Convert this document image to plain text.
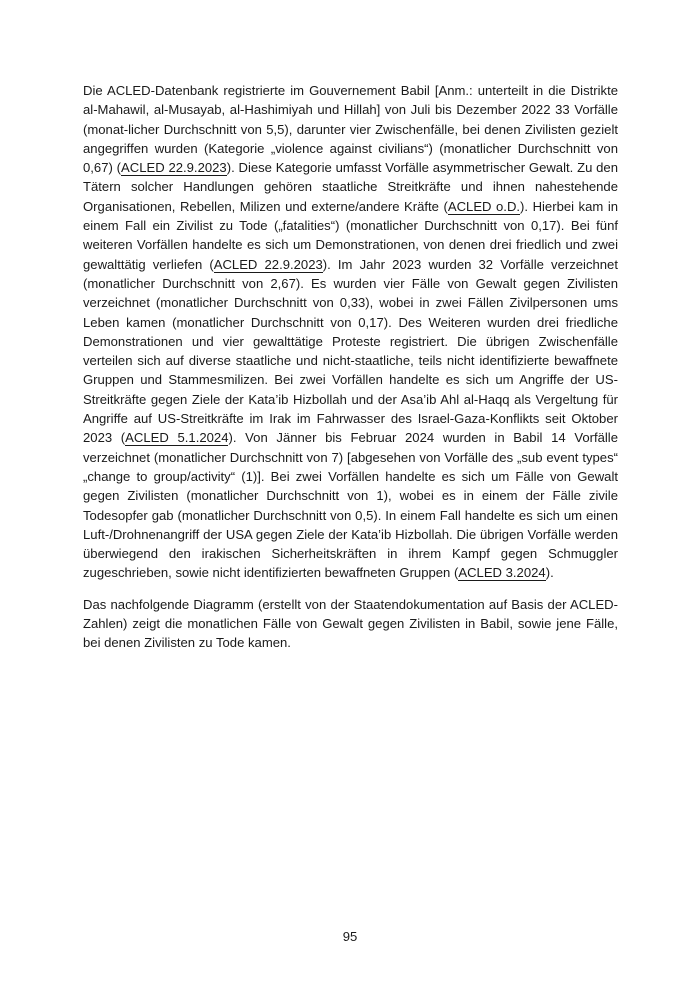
Die ACLED-Datenbank registrierte im Gouvernement Babil [Anm.: unterteilt in die Distrikte al-Mahawil, al-Musayab, al-Hashimiyah und Hillah] von Juli bis Dezember 2022 33 Vorfälle (monat-licher Durchschnitt von 5,5), darunter vier Zwischenfälle, bei denen Zivilisten gezielt angegriffen wurden (Kategorie „violence against civilians“) (monatlicher Durchschnitt von 0,67) (ACLED 22.9.2023). Diese Kategorie umfasst Vorfälle asymmetrischer Gewalt. Zu den Tätern solcher Handlungen gehören staatliche Streitkräfte und ihnen nahestehende Organisationen, Rebellen, Milizen und externe/andere Kräfte (ACLED o.D.). Hierbei kam in einem Fall ein Zivilist zu Tode („fatalities“) (monatlicher Durchschnitt von 0,17). Bei fünf weiteren Vorfällen handelte es sich um Demonstrationen, von denen drei friedlich und zwei gewalttätig verliefen (ACLED 22.9.2023). Im Jahr 2023 wurden 32 Vorfälle verzeichnet (monatlicher Durchschnitt von 2,67). Es wurden vier Fälle von Gewalt gegen Zivilisten verzeichnet (monatlicher Durchschnitt von 0,33), wobei in zwei Fällen Zivilpersonen ums Leben kamen (monatlicher Durchschnitt von 0,17). Des Weiteren wurden drei friedliche Demonstrationen und vier gewalttätige Proteste registriert. Die übrigen Zwischenfälle verteilen sich auf diverse staatliche und nicht-staatliche, teils nicht identifizierte bewaffnete Gruppen und Stammesmilizen. Bei zwei Vorfällen handelte es sich um Angriffe der US-Streitkräfte gegen Ziele der Kata’ib Hizbollah und der Asa’ib Ahl al-Haqq als Vergeltung für Angriffe auf US-Streitkräfte im Irak im Fahrwasser des Israel-Gaza-Konflikts seit Oktober 2023 (ACLED 5.1.2024). Von Jänner bis Februar 2024 wurden in Babil 14 Vorfälle verzeichnet (monatlicher Durchschnitt von 7) [abgesehen von Vorfälle des „sub event types“ „change to group/activity“ (1)]. Bei zwei Vorfällen handelte es sich um Fälle von Gewalt gegen Zivilisten (monatlicher Durchschnitt von 1), wobei es in einem der Fälle zivile Todesopfer gab (monatlicher Durchschnitt von 0,5). In einem Fall handelte es sich um einen Luft-/Drohnenangriff der USA gegen Ziele der Kata’ib Hizbollah. Die übrigen Vorfälle werden überwiegend den irakischen Sicherheitskräften in ihrem Kampf gegen Schmuggler zugeschrieben, sowie nicht identifizierten bewaffneten Gruppen (ACLED 3.2024).

Das nachfolgende Diagramm (erstellt von der Staatendokumentation auf Basis der ACLED-Zahlen) zeigt die monatlichen Fälle von Gewalt gegen Zivilisten in Babil, sowie jene Fälle, bei denen Zivilisten zu Tode kamen.

95
